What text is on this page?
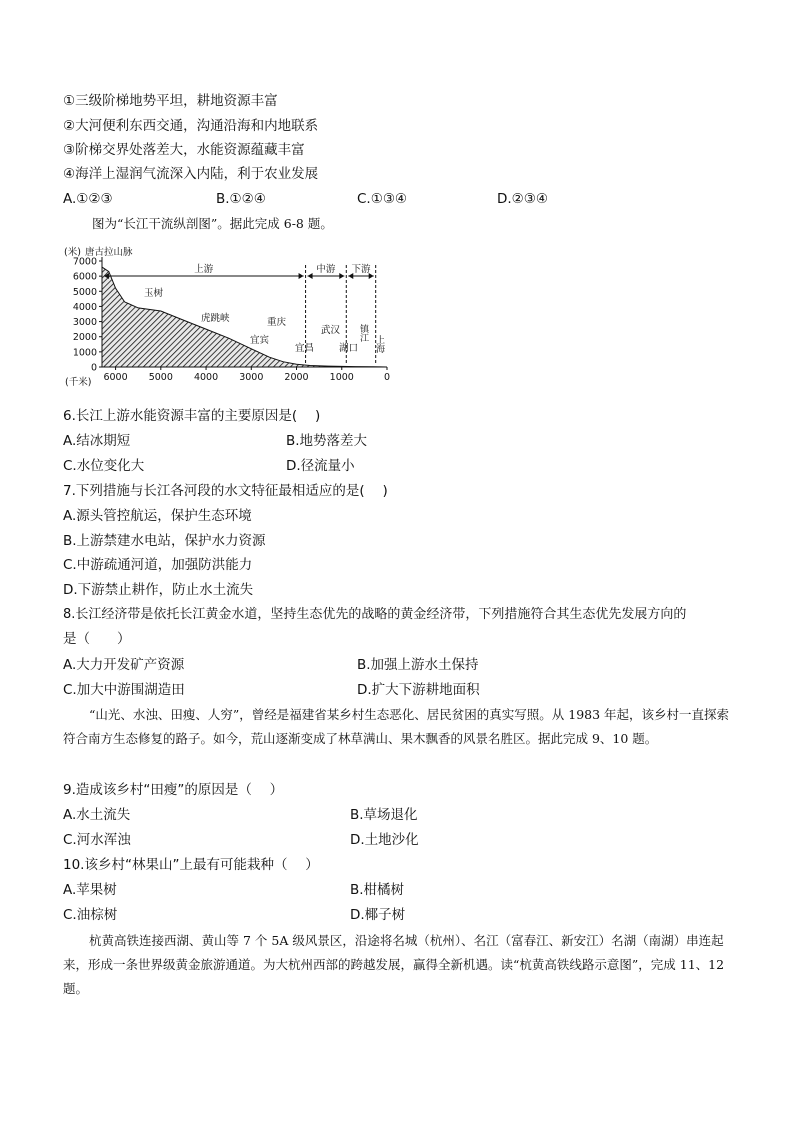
①三级阶梯地势平坦，耕地资源丰富
②大河便利东西交通，沟通沿海和内地联系
③阶梯交界处落差大，水能资源蕴藏丰富
④海洋上湿润气流深入内陆，利于农业发展
A.①②③	B.①②④	C.①③④	D.②③④
图为“长江干流纵剖图”。据此完成 6-8 题。
(米) 唐古拉山脉
7000
6000
5000
4000
3000
2000
1000
0
6000 5000 4000 3000 2000 1000	0
上游	中游 下游
玉树
虎跳峡
宜宾
重庆
宜昌
武汉
湖口
镇江
上海
(千米)
6.长江上游水能资源丰富的主要原因是(　 )
A.结冰期短	B.地势落差大
C.水位变化大	D.径流量小
7.下列措施与长江各河段的水文特征最相适应的是(　 )
A.源头管控航运，保护生态环境
B.上游禁建水电站，保护水力资源
C.中游疏通河道，加强防洪能力
D.下游禁止耕作，防止水土流失
8.长江经济带是依托长江黄金水道，坚持生态优先的战略的黄金经济带，下列措施符合其生态优先发展方向的
是（　　）
A.大力开发矿产资源	B.加强上游水土保持
C.加大中游围湖造田	D.扩大下游耕地面积
“山光、水浊、田瘦、人穷”，曾经是福建省某乡村生态恶化、居民贫困的真实写照。从 1983 年起，该乡村一直探索符合南方生态修复的路子。如今，荒山逐渐变成了林草满山、果木飘香的风景名胜区。据此完成 9、10 题。
9.造成该乡村“田瘦”的原因是（　 ）
A.水土流失	B.草场退化
C.河水浑浊	D.土地沙化
10.该乡村“林果山”上最有可能栽种（　 ）
A.苹果树	B.柑橘树
C.油棕树	D.椰子树
杭黄高铁连接西湖、黄山等 7 个 5A 级风景区，沿途将名城（杭州）、名江（富春江、新安江）名湖（南湖）串连起来，形成一条世界级黄金旅游通道。为大杭州西部的跨越发展，赢得全新机遇。读“杭黄高铁线路示意图”，完成 11、12 题。
